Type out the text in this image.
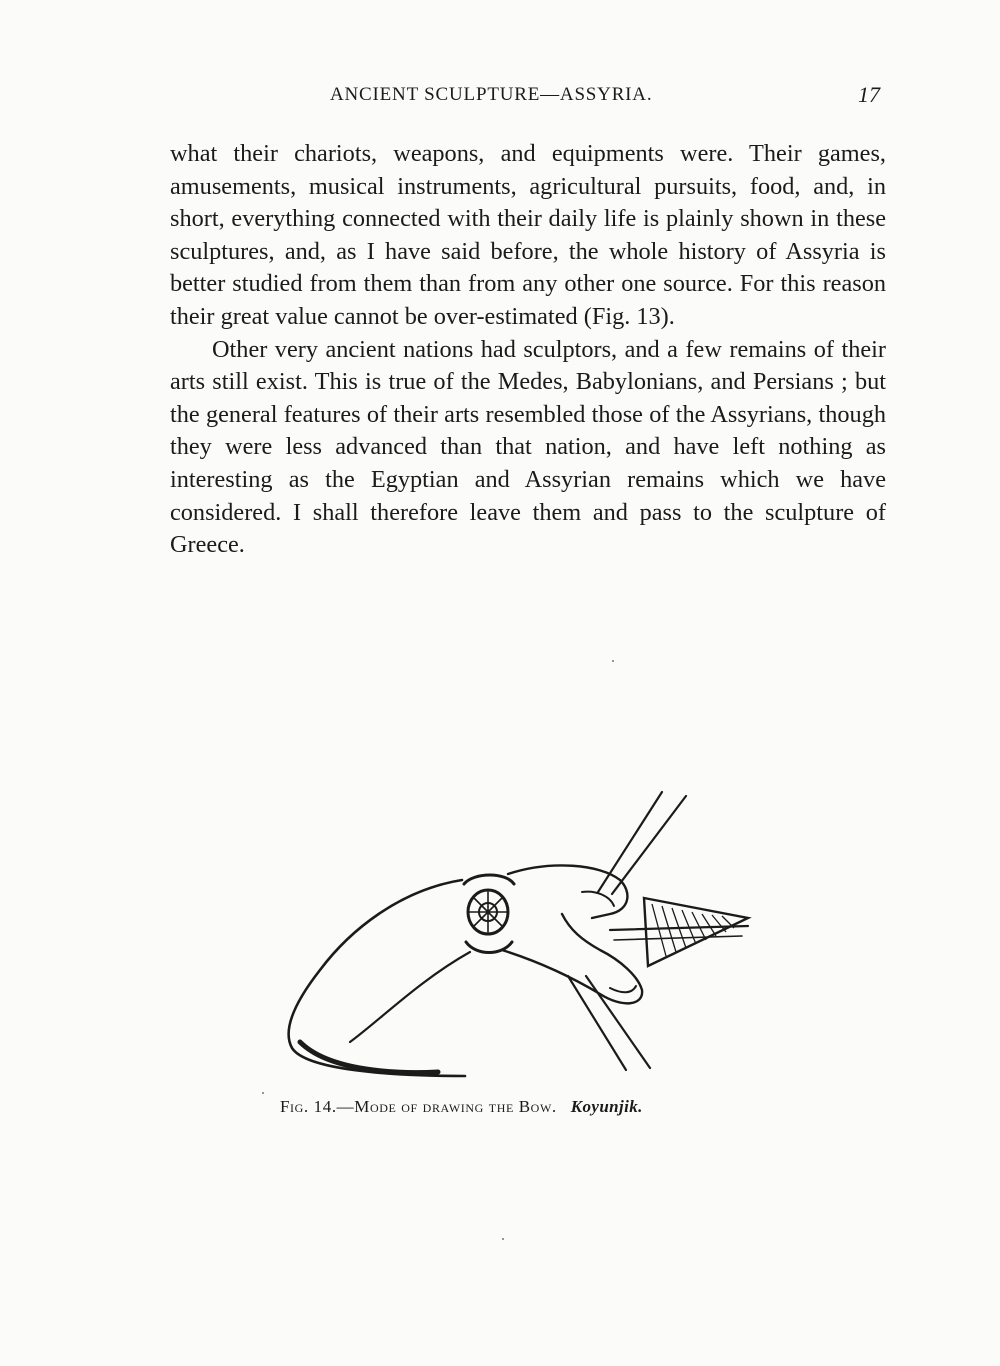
ANCIENT SCULPTURE—ASSYRIA.	17

what their chariots, weapons, and equipments were. Their games, amusements, musical instruments, agricultural pursuits, food, and, in short, everything connected with their daily life is plainly shown in these sculptures, and, as I have said before, the whole history of Assyria is better studied from them than from any other one source. For this reason their great value cannot be over-estimated (Fig. 13).

Other very ancient nations had sculptors, and a few remains of their arts still exist. This is true of the Medes, Babylonians, and Persians ; but the general features of their arts resembled those of the Assyrians, though they were less advanced than that nation, and have left nothing as interesting as the Egyptian and Assyrian remains which we have considered. I shall therefore leave them and pass to the sculpture of Greece.

Fig. 14.—Mode of drawing the Bow. Koyunjik.
